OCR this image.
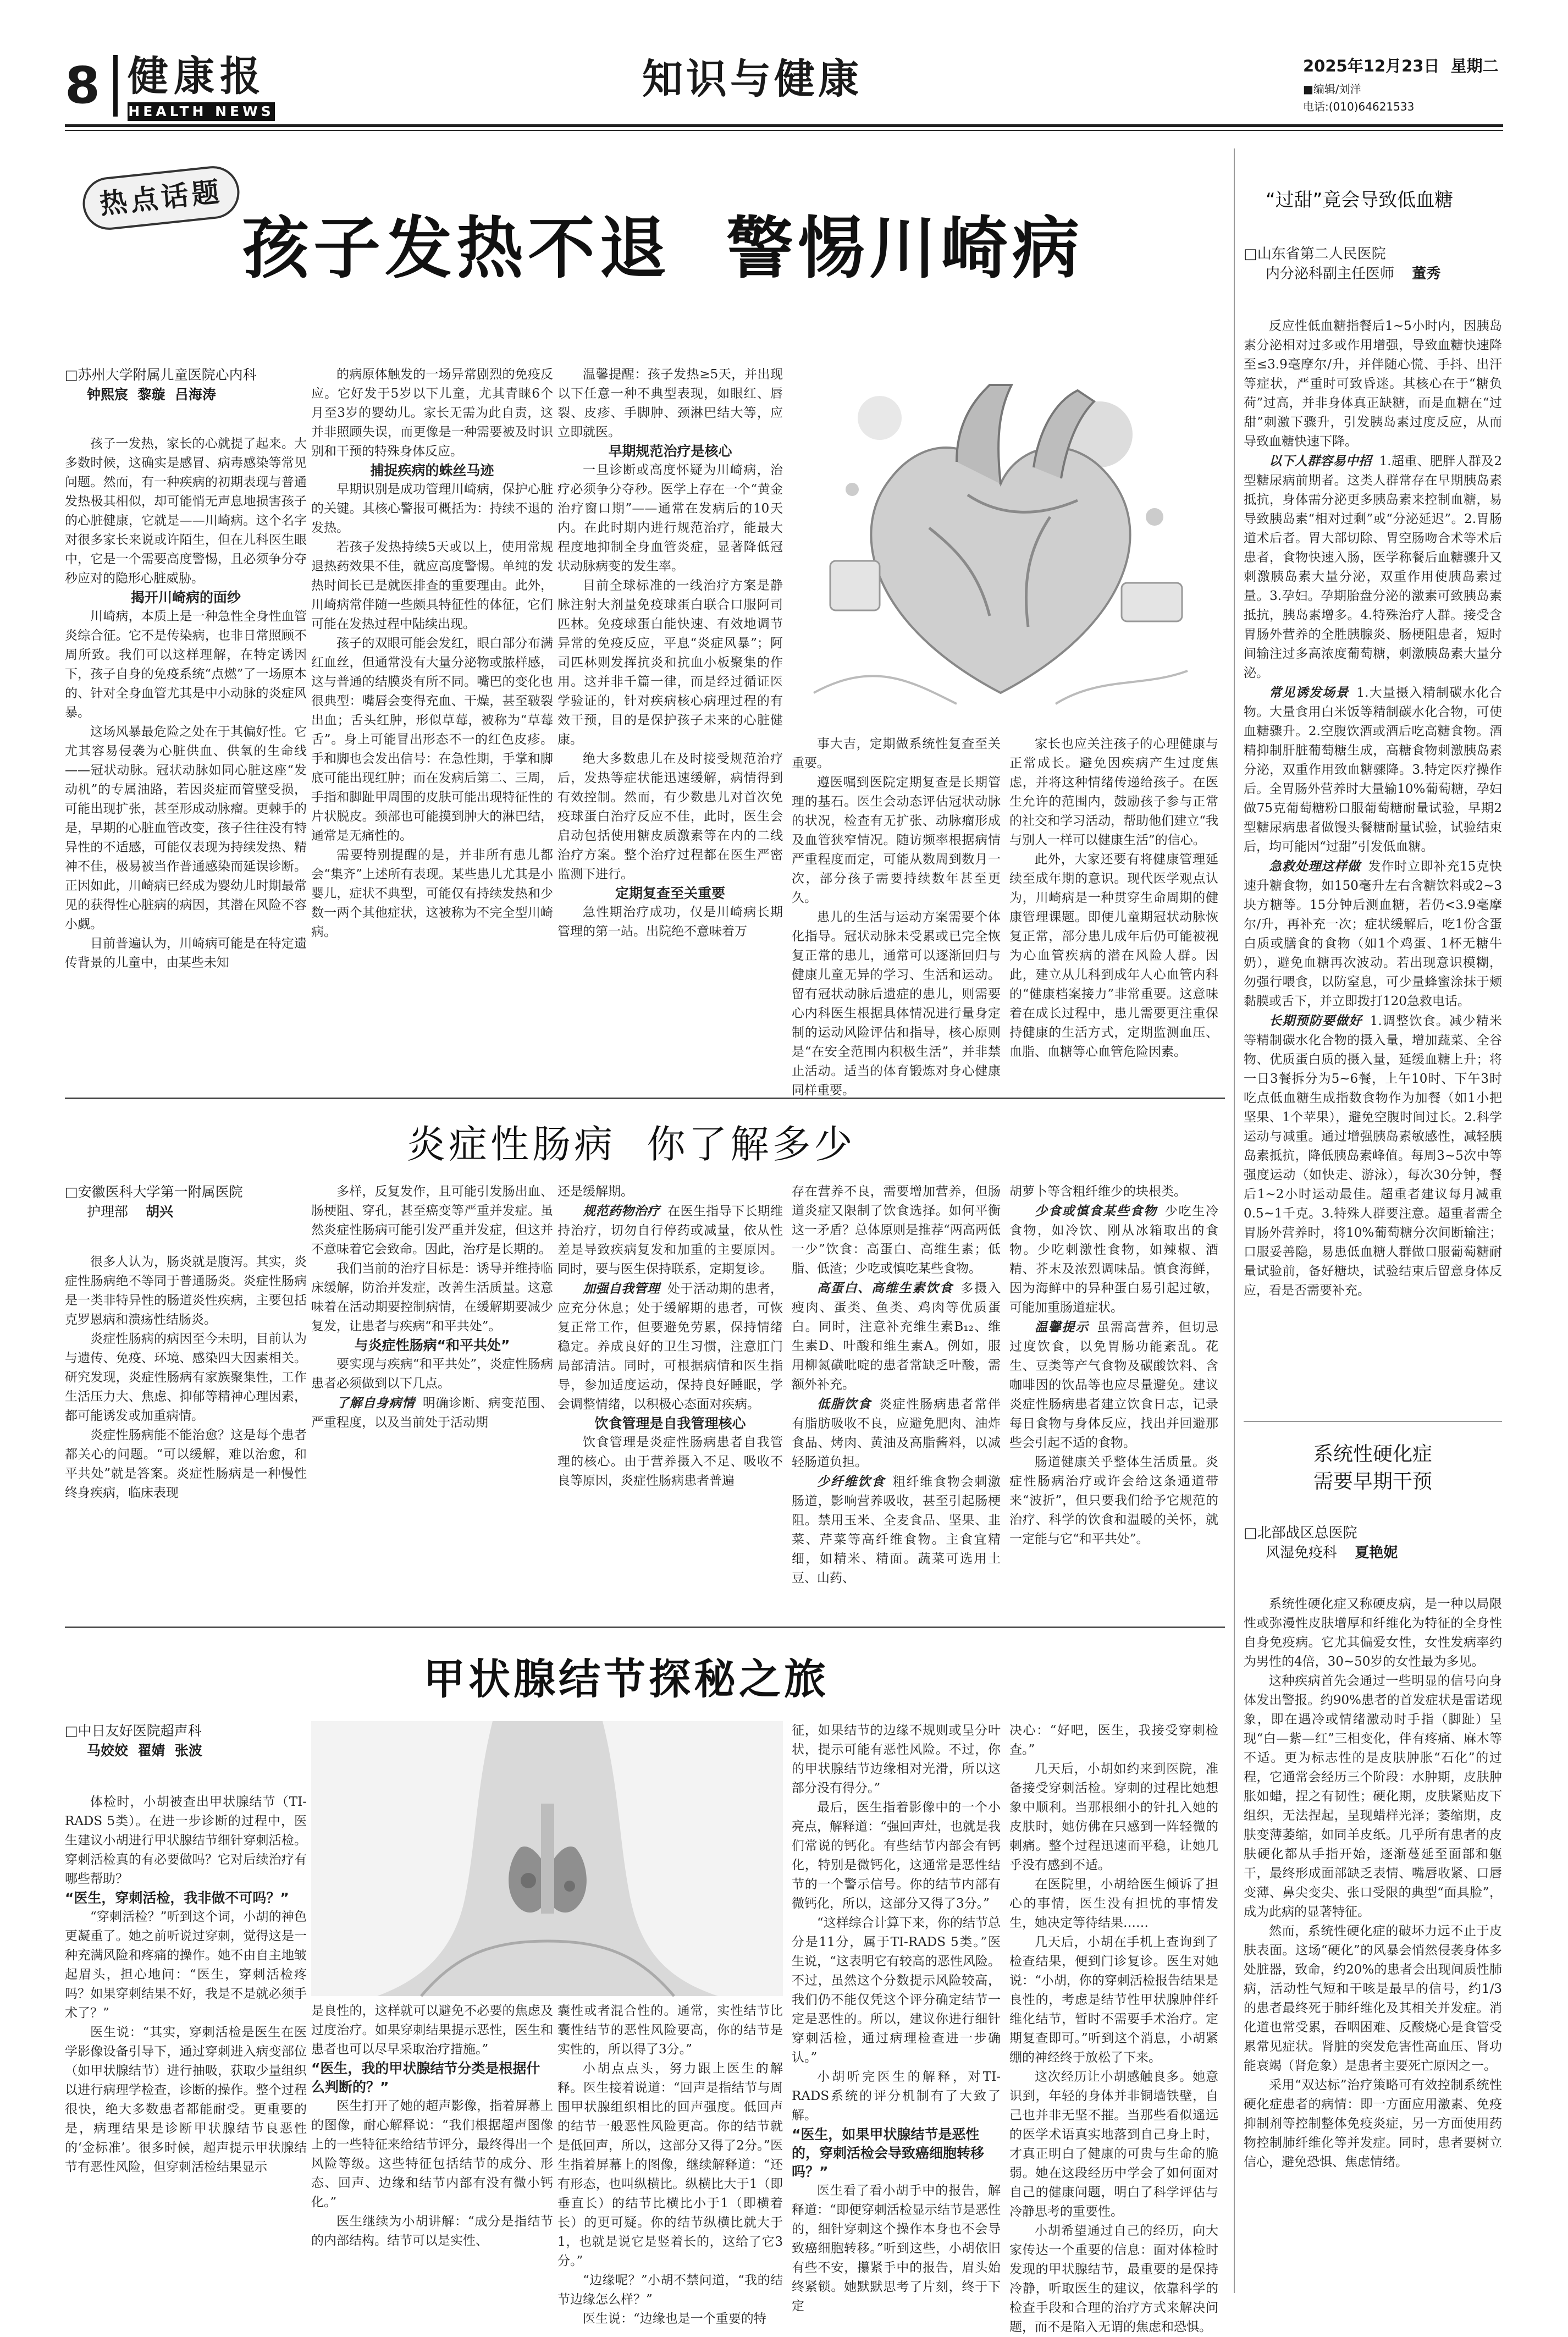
8 健康报
HEALTH NEWS
知识与健康	2025年12月23日  星期二
■编辑/刘洋
电话:(010)64621533
热点话题
孩子发热不退  警惕川崎病
“过甜”竟会导致低血糖
□苏州大学附属儿童医院心内科
钟熙宸  黎璇  吕海涛

孩子一发热，家长的心就提了起来。大多数时候，这确实是感冒、病毒感染等常见问题。然而，有一种疾病的初期表现与普通发热极其相似，却可能悄无声息地损害孩子的心脏健康，它就是——川崎病。这个名字对很多家长来说或许陌生，但在儿科医生眼中，它是一个需要高度警惕，且必须争分夺秒应对的隐形心脏威胁。

揭开川崎病的面纱

川崎病，本质上是一种急性全身性血管炎综合征。它不是传染病，也非日常照顾不周所致。我们可以这样理解，在特定诱因下，孩子自身的免疫系统“点燃”了一场原本的、针对全身血管尤其是中小动脉的炎症风暴。

这场风暴最危险之处在于其偏好性。它尤其容易侵袭为心脏供血、供氧的生命线——冠状动脉。冠状动脉如同心脏这座“发动机”的专属油路，若因炎症而管壁受损，可能出现扩张，甚至形成动脉瘤。更棘手的是，早期的心脏血管改变，孩子往往没有特异性的不适感，可能仅表现为持续发热、精神不佳，极易被当作普通感染而延误诊断。正因如此，川崎病已经成为婴幼儿时期最常见的获得性心脏病的病因，其潜在风险不容小觑。

目前普遍认为，川崎病可能是在特定遗传背景的儿童中，由某些未知

的病原体触发的一场异常剧烈的免疫反应。它好发于5岁以下儿童，尤其青睐6个月至3岁的婴幼儿。家长无需为此自责，这并非照顾失误，而更像是一种需要被及时识别和干预的特殊身体反应。

捕捉疾病的蛛丝马迹

早期识别是成功管理川崎病，保护心脏的关键。其核心警报可概括为：持续不退的发热。

若孩子发热持续5天或以上，使用常规退热药效果不佳，就应高度警惕。单纯的发热时间长已是就医排查的重要理由。此外，川崎病常伴随一些颇具特征性的体征，它们可能在发热过程中陆续出现。

孩子的双眼可能会发红，眼白部分布满红血丝，但通常没有大量分泌物或脓样感，这与普通的结膜炎有所不同。嘴巴的变化也很典型：嘴唇会变得充血、干燥，甚至皲裂出血；舌头红肿，形似草莓，被称为“草莓舌”。身上可能冒出形态不一的红色皮疹。手和脚也会发出信号：在急性期，手掌和脚底可能出现红肿；而在发病后第二、三周，手指和脚趾甲周围的皮肤可能出现特征性的片状脱皮。颈部也可能摸到肿大的淋巴结，通常是无痛性的。

需要特别提醒的是，并非所有患儿都会“集齐”上述所有表现。某些患儿尤其是小婴儿，症状不典型，可能仅有持续发热和少数一两个其他症状，这被称为不完全型川崎病。

温馨提醒：孩子发热≥5天，并出现以下任意一种不典型表现，如眼红、唇裂、皮疹、手脚肿、颈淋巴结大等，应立即就医。

早期规范治疗是核心

一旦诊断或高度怀疑为川崎病，治疗必须争分夺秒。医学上存在一个“黄金治疗窗口期”——通常在发病后的10天内。在此时期内进行规范治疗，能最大程度地抑制全身血管炎症，显著降低冠状动脉病变的发生率。

目前全球标准的一线治疗方案是静脉注射大剂量免疫球蛋白联合口服阿司匹林。免疫球蛋白能快速、有效地调节异常的免疫反应，平息“炎症风暴”；阿司匹林则发挥抗炎和抗血小板聚集的作用。这并非千篇一律，而是经过循证医学验证的，针对疾病核心病理过程的有效干预，目的是保护孩子未来的心脏健康。

绝大多数患儿在及时接受规范治疗后，发热等症状能迅速缓解，病情得到有效控制。然而，有少数患儿对首次免疫球蛋白治疗反应不佳，此时，医生会启动包括使用糖皮质激素等在内的二线治疗方案。整个治疗过程都在医生严密监测下进行。

定期复查至关重要

急性期治疗成功，仅是川崎病长期管理的第一站。出院绝不意味着万

事大吉，定期做系统性复查至关重要。

遵医嘱到医院定期复查是长期管理的基石。医生会动态评估冠状动脉的状况，检查有无扩张、动脉瘤形成及血管狭窄情况。随访频率根据病情严重程度而定，可能从数周到数月一次，部分孩子需要持续数年甚至更久。

患儿的生活与运动方案需要个体化指导。冠状动脉未受累或已完全恢复正常的患儿，通常可以逐渐回归与健康儿童无异的学习、生活和运动。留有冠状动脉后遗症的患儿，则需要心内科医生根据具体情况进行量身定制的运动风险评估和指导，核心原则是“在安全范围内积极生活”，并非禁止活动。适当的体育锻炼对身心健康同样重要。

家长也应关注孩子的心理健康与正常成长。避免因疾病产生过度焦虑，并将这种情绪传递给孩子。在医生允许的范围内，鼓励孩子参与正常的社交和学习活动，帮助他们建立“我与别人一样可以健康生活”的信心。

此外，大家还要有将健康管理延续至成年期的意识。现代医学观点认为，川崎病是一种贯穿生命周期的健康管理课题。即便儿童期冠状动脉恢复正常，部分患儿成年后仍可能被视为心血管疾病的潜在风险人群。因此，建立从儿科到成年人心血管内科的“健康档案接力”非常重要。这意味着在成长过程中，患儿需要更注重保持健康的生活方式，定期监测血压、血脂、血糖等心血管危险因素。

炎症性肠病  你了解多少
□安徽医科大学第一附属医院
护理部 胡兴

很多人认为，肠炎就是腹泻。其实，炎症性肠病绝不等同于普通肠炎。炎症性肠病是一类非特异性的肠道炎性疾病，主要包括克罗恩病和溃疡性结肠炎。

炎症性肠病的病因至今未明，目前认为与遗传、免疫、环境、感染四大因素相关。研究发现，炎症性肠病有家族聚集性，工作生活压力大、焦虑、抑郁等精神心理因素，都可能诱发或加重病情。

炎症性肠病能不能治愈？这是每个患者都关心的问题。“可以缓解，难以治愈，和平共处”就是答案。炎症性肠病是一种慢性终身疾病，临床表现

多样，反复发作，且可能引发肠出血、肠梗阻、穿孔，甚至癌变等严重并发症。虽然炎症性肠病可能引发严重并发症，但这并不意味着它会致命。因此，治疗是长期的。

我们当前的治疗目标是：诱导并维持临床缓解，防治并发症，改善生活质量。这意味着在活动期要控制病情，在缓解期要减少复发，让患者与疾病“和平共处”。

与炎症性肠病“和平共处”

要实现与疾病“和平共处”，炎症性肠病患者必须做到以下几点。

了解自身病情 明确诊断、病变范围、严重程度，以及当前处于活动期

还是缓解期。

规范药物治疗 在医生指导下长期维持治疗，切勿自行停药或减量，依从性差是导致疾病复发和加重的主要原因。同时，要与医生保持联系，定期复诊。

加强自我管理 处于活动期的患者，应充分休息；处于缓解期的患者，可恢复正常工作，但要避免劳累，保持情绪稳定。养成良好的卫生习惯，注意肛门局部清洁。同时，可根据病情和医生指导，参加适度运动，保持良好睡眠，学会调整情绪，以积极心态面对疾病。

饮食管理是自我管理核心

饮食管理是炎症性肠病患者自我管理的核心。由于营养摄入不足、吸收不良等原因，炎症性肠病患者普遍

存在营养不良，需要增加营养，但肠道炎症又限制了饮食选择。如何平衡这一矛盾？总体原则是推荐“两高两低一少”饮食：高蛋白、高维生素；低脂、低渣；少吃或慎吃某些食物。

高蛋白、高维生素饮食 多摄入瘦肉、蛋类、鱼类、鸡肉等优质蛋白。同时，注意补充维生素B₁₂、维生素D、叶酸和维生素A。例如，服用柳氮磺吡啶的患者常缺乏叶酸，需额外补充。

低脂饮食 炎症性肠病患者常伴有脂肪吸收不良，应避免肥肉、油炸食品、烤肉、黄油及高脂酱料，以减轻肠道负担。

少纤维饮食 粗纤维食物会刺激肠道，影响营养吸收，甚至引起肠梗阻。禁用玉米、全麦食品、坚果、韭菜、芹菜等高纤维食物。主食宜精细，如精米、精面。蔬菜可选用土豆、山药、

胡萝卜等含粗纤维少的块根类。

少食或慎食某些食物 少吃生冷食物，如冷饮、刚从冰箱取出的食物。少吃刺激性食物，如辣椒、酒精、芥末及浓烈调味品。慎食海鲜，因为海鲜中的异种蛋白易引起过敏，可能加重肠道症状。

温馨提示 虽需高营养，但切忌过度饮食，以免胃肠功能紊乱。花生、豆类等产气食物及碳酸饮料、含咖啡因的饮品等也应尽量避免。建议炎症性肠病患者建立饮食日志，记录每日食物与身体反应，找出并回避那些会引起不适的食物。

肠道健康关乎整体生活质量。炎症性肠病治疗或许会给这条通道带来“波折”，但只要我们给予它规范的治疗、科学的饮食和温暖的关怀，就一定能与它“和平共处”。

甲状腺结节探秘之旅
□中日友好医院超声科
马姣姣  翟婧  张波

体检时，小胡被查出甲状腺结节（TI-RADS 5类）。在进一步诊断的过程中，医生建议小胡进行甲状腺结节细针穿刺活检。穿刺活检真的有必要做吗？它对后续治疗有哪些帮助？

“医生，穿刺活检，我非做不可吗？”

“穿刺活检？”听到这个词，小胡的神色更凝重了。她之前听说过穿刺，觉得这是一种充满风险和疼痛的操作。她不由自主地皱起眉头，担心地问：“医生，穿刺活检疼吗？如果穿刺结果不好，我是不是就必须手术了？”

医生说：“其实，穿刺活检是医生在医学影像设备引导下，通过穿刺进入病变部位（如甲状腺结节）进行抽吸，获取少量组织以进行病理学检查，诊断的操作。整个过程很快，绝大多数患者都能耐受。更重要的是，病理结果是诊断甲状腺结节良恶性的‘金标准’。很多时候，超声提示甲状腺结节有恶性风险，但穿刺活检结果显示

是良性的，这样就可以避免不必要的焦虑及过度治疗。如果穿刺结果提示恶性，医生和患者也可以尽早采取治疗措施。”

“医生，我的甲状腺结节分类是根据什么判断的？”

医生打开了她的超声影像，指着屏幕上的图像，耐心解释说：“我们根据超声图像上的一些特征来给结节评分，最终得出一个风险等级。这些特征包括结节的成分、形态、回声、边缘和结节内部有没有微小钙化。”

医生继续为小胡讲解：“成分是指结节的内部结构。结节可以是实性、

囊性或者混合性的。通常，实性结节比囊性结节的恶性风险要高，你的结节是实性的，所以得了3分。”

小胡点点头，努力跟上医生的解释。医生接着说道：“回声是指结节与周围甲状腺组织相比的回声强度。低回声的结节一般恶性风险更高。你的结节就是低回声，所以，这部分又得了2分。”医生指着屏幕上的图像，继续解释道：“还有形态，也叫纵横比。纵横比大于1（即垂直长）的结节比横比小于1（即横着长）的更可疑。你的结节纵横比就大于1，也就是说它是竖着长的，这给了它3分。”

“边缘呢？”小胡不禁问道，“我的结节边缘怎么样？”

医生说：“边缘也是一个重要的特

征，如果结节的边缘不规则或呈分叶状，提示可能有恶性风险。不过，你的甲状腺结节边缘相对光滑，所以这部分没有得分。”

最后，医生指着影像中的一个小亮点，解释道：“强回声灶，也就是我们常说的钙化。有些结节内部会有钙化，特别是微钙化，这通常是恶性结节的一个警示信号。你的结节内部有微钙化，所以，这部分又得了3分。”

“这样综合计算下来，你的结节总分是11分，属于TI-RADS 5类。”医生说，“这表明它有较高的恶性风险。不过，虽然这个分数提示风险较高，我们仍不能仅凭这个评分确定结节一定是恶性的。所以，建议你进行细针穿刺活检，通过病理检查进一步确认。”

小胡听完医生的解释，对TI-RADS系统的评分机制有了大致了解。

“医生，如果甲状腺结节是恶性的，穿刺活检会导致癌细胞转移吗？”

医生看了看小胡手中的报告，解释道：“即便穿刺活检显示结节是恶性的，细针穿刺这个操作本身也不会导致癌细胞转移。”听到这些，小胡依旧有些不安，攥紧手中的报告，眉头始终紧锁。她默默思考了片刻，终于下定

决心：“好吧，医生，我接受穿刺检查。”

几天后，小胡如约来到医院，准备接受穿刺活检。穿刺的过程比她想象中顺利。当那根细小的针扎入她的皮肤时，她仿佛在只感到一阵轻微的刺痛。整个过程迅速而平稳，让她几乎没有感到不适。

在医院里，小胡给医生倾诉了担心的事情，医生没有担忧的事情发生，她决定等待结果……

几天后，小胡在手机上查询到了检查结果，便到门诊复诊。医生对她说：“小胡，你的穿刺活检报告结果是良性的，考虑是结节性甲状腺肿伴纤维化结节，暂时不需要手术治疗。定期复查即可。”听到这个消息，小胡紧绷的神经终于放松了下来。

这次经历让小胡感触良多。她意识到，年轻的身体并非铜墙铁壁，自己也并非无坚不摧。当那些看似遥远的医学术语真实地落到自己身上时，才真正明白了健康的可贵与生命的脆弱。她在这段经历中学会了如何面对自己的健康问题，明白了科学评估与冷静思考的重要性。

小胡希望通过自己的经历，向大家传达一个重要的信息：面对体检时发现的甲状腺结节，最重要的是保持冷静，听取医生的建议，依靠科学的检查手段和合理的治疗方式来解决问题，而不是陷入无谓的焦虑和恐惧。

□山东省第二人民医院
内分泌科副主任医师 董秀

反应性低血糖指餐后1~5小时内，因胰岛素分泌相对过多或作用增强，导致血糖快速降至≤3.9毫摩尔/升，并伴随心慌、手抖、出汗等症状，严重时可致昏迷。其核心在于“糖负荷”过高，并非身体真正缺糖，而是血糖在“过甜”刺激下骤升，引发胰岛素过度反应，从而导致血糖快速下降。

以下人群容易中招 1.超重、肥胖人群及2型糖尿病前期者。这类人群常存在早期胰岛素抵抗，身体需分泌更多胰岛素来控制血糖，易导致胰岛素“相对过剩”或“分泌延迟”。2.胃肠道术后者。胃大部切除、胃空肠吻合术等术后患者，食物快速入肠，医学称餐后血糖骤升又刺激胰岛素大量分泌，双重作用使胰岛素过量。3.孕妇。孕期胎盘分泌的激素可致胰岛素抵抗，胰岛素增多。4.特殊治疗人群。接受含胃肠外营养的全胜胰腺炎、肠梗阻患者，短时间输注过多高浓度葡萄糖，刺激胰岛素大量分泌。

常见诱发场景 1.大量摄入精制碳水化合物。大量食用白米饭等精制碳水化合物，可使血糖骤升。2.空腹饮酒或酒后吃高糖食物。酒精抑制肝脏葡萄糖生成，高糖食物刺激胰岛素分泌，双重作用致血糖骤降。3.特定医疗操作后。全胃肠外营养时大量输10%葡萄糖，孕妇做75克葡萄糖粉口服葡萄糖耐量试验，早期2型糖尿病患者做馒头餐糖耐量试验，试验结束后，均可能因“过甜”引发低血糖。

急救处理这样做 发作时立即补充15克快速升糖食物，如150毫升左右含糖饮料或2~3块方糖等。15分钟后测血糖，若仍<3.9毫摩尔/升，再补充一次；症状缓解后，吃1份含蛋白质或膳食的食物（如1个鸡蛋、1杯无糖牛奶），避免血糖再次波动。若出现意识模糊，勿强行喂食，以防窒息，可少量蜂蜜涂抹于颊黏膜或舌下，并立即拨打120急救电话。

长期预防要做好 1.调整饮食。减少精米等精制碳水化合物的摄入量，增加蔬菜、全谷物、优质蛋白质的摄入量，延缓血糖上升；将一日3餐拆分为5~6餐，上午10时、下午3时吃点低血糖生成指数食物作为加餐（如1小把坚果、1个苹果），避免空腹时间过长。2.科学运动与减重。通过增强胰岛素敏感性，减轻胰岛素抵抗，降低胰岛素峰值。每周3~5次中等强度运动（如快走、游泳），每次30分钟，餐后1~2小时运动最佳。超重者建议每月减重0.5~1千克。3.特殊人群要注意。超重者需全胃肠外营养时，将10%葡萄糖分次间断输注；口服妥善隐，易患低血糖人群做口服葡萄糖耐量试验前，备好糖块，试验结束后留意身体反应，看是否需要补充。

系统性硬化症
需要早期干预
□北部战区总医院
风湿免疫科 夏艳妮

系统性硬化症又称硬皮病，是一种以局限性或弥漫性皮肤增厚和纤维化为特征的全身性自身免疫病。它尤其偏爱女性，女性发病率约为男性的4倍，30~50岁的女性最为多见。

这种疾病首先会通过一些明显的信号向身体发出警报。约90%患者的首发症状是雷诺现象，即在遇冷或情绪激动时手指（脚趾）呈现“白—紫—红”三相变化，伴有疼痛、麻木等不适。更为标志性的是皮肤肿胀“石化”的过程，它通常会经历三个阶段：水肿期，皮肤肿胀如蜡，捏之有韧性；硬化期，皮肤紧贴皮下组织，无法捏起，呈现蜡样光泽；萎缩期，皮肤变薄萎缩，如同羊皮纸。几乎所有患者的皮肤硬化都从手指开始，逐渐蔓延至面部和躯干，最终形成面部缺乏表情、嘴唇收紧、口唇变薄、鼻尖变尖、张口受限的典型“面具脸”，成为此病的显著特征。

然而，系统性硬化症的破坏力远不止于皮肤表面。这场“硬化”的风暴会悄然侵袭身体多处脏器，致命，约20%的患者会出现间质性肺病，活动性气短和干咳是最早的信号，约1/3的患者最终死于肺纤维化及其相关并发症。消化道也常受累，吞咽困难、反酸烧心是食管受累常见症状。肾脏的突发危害性高血压、肾功能衰竭（肾危象）是患者主要死亡原因之一。

采用“双达标”治疗策略可有效控制系统性硬化症患者的病情：即一方面应用激素、免疫抑制剂等控制整体免疫炎症，另一方面使用药物控制肺纤维化等并发症。同时，患者要树立信心，避免恐惧、焦虑情绪。
